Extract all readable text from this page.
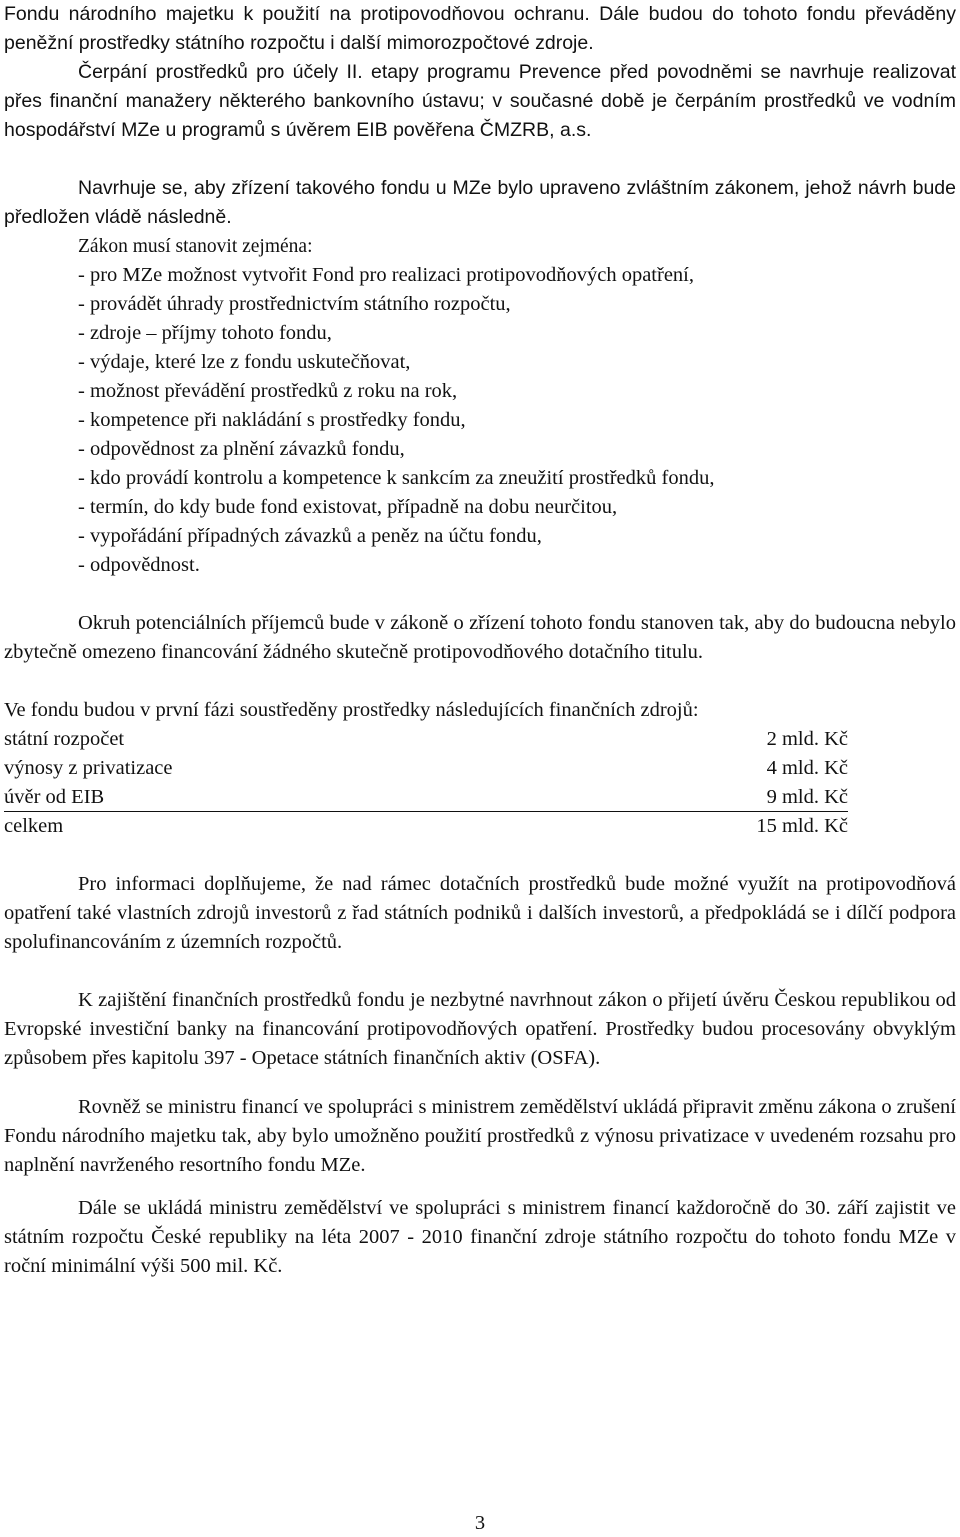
Fondu národního majetku k použití na protipovodňovou ochranu. Dále budou do tohoto fondu převáděny peněžní prostředky státního rozpočtu i další mimorozpočtové zdroje.

Čerpání prostředků pro účely II. etapy programu Prevence před povodněmi se navrhuje realizovat přes finanční manažery některého bankovního ústavu; v současné době je čerpáním prostředků ve vodním hospodářství MZe u programů s úvěrem EIB pověřena ČMZRB, a.s.

Navrhuje se, aby zřízení takového fondu u MZe bylo upraveno zvláštním zákonem, jehož návrh bude předložen vládě následně.

Zákon musí stanovit zejména:

- pro MZe možnost vytvořit Fond pro realizaci protipovodňových opatření,
- provádět úhrady prostřednictvím státního rozpočtu,
- zdroje – příjmy tohoto fondu,
- výdaje, které lze z fondu uskutečňovat,
- možnost převádění prostředků z roku na rok,
- kompetence při nakládání s prostředky fondu,
- odpovědnost za plnění závazků fondu,
- kdo provádí kontrolu a kompetence k sankcím za zneužití prostředků fondu,
- termín, do kdy bude fond existovat, případně na dobu neurčitou,
- vypořádání případných závazků a peněz na účtu fondu,
- odpovědnost.

Okruh potenciálních příjemců bude v zákoně o zřízení tohoto fondu stanoven tak, aby do budoucna nebylo zbytečně omezeno financování žádného skutečně protipovodňového dotačního titulu.

Ve fondu budou v první fázi soustředěny prostředky následujících finančních zdrojů:

státní rozpočet	2 mld. Kč
výnosy z privatizace	4 mld. Kč
úvěr od EIB	9 mld. Kč
celkem	15 mld. Kč

Pro informaci doplňujeme, že nad rámec dotačních prostředků bude možné využít na protipovodňová opatření také vlastních zdrojů investorů z řad státních podniků i dalších investorů, a předpokládá se i dílčí podpora spolufinancováním z územních rozpočtů.

K zajištění finančních prostředků fondu je nezbytné navrhnout zákon o přijetí úvěru Českou republikou od Evropské investiční banky na financování protipovodňových opatření. Prostředky budou procesovány obvyklým způsobem přes kapitolu 397 - Opetace státních finančních aktiv (OSFA).

Rovněž se ministru financí ve spolupráci s ministrem zemědělství ukládá připravit změnu zákona o zrušení Fondu národního majetku tak, aby bylo umožněno použití prostředků z výnosu privatizace v uvedeném rozsahu pro naplnění navrženého resortního fondu MZe.

Dále se ukládá ministru zemědělství ve spolupráci s ministrem financí každoročně do 30. září zajistit ve státním rozpočtu České republiky na léta 2007 - 2010 finanční zdroje státního rozpočtu do tohoto fondu MZe v roční minimální výši 500 mil. Kč.

3
